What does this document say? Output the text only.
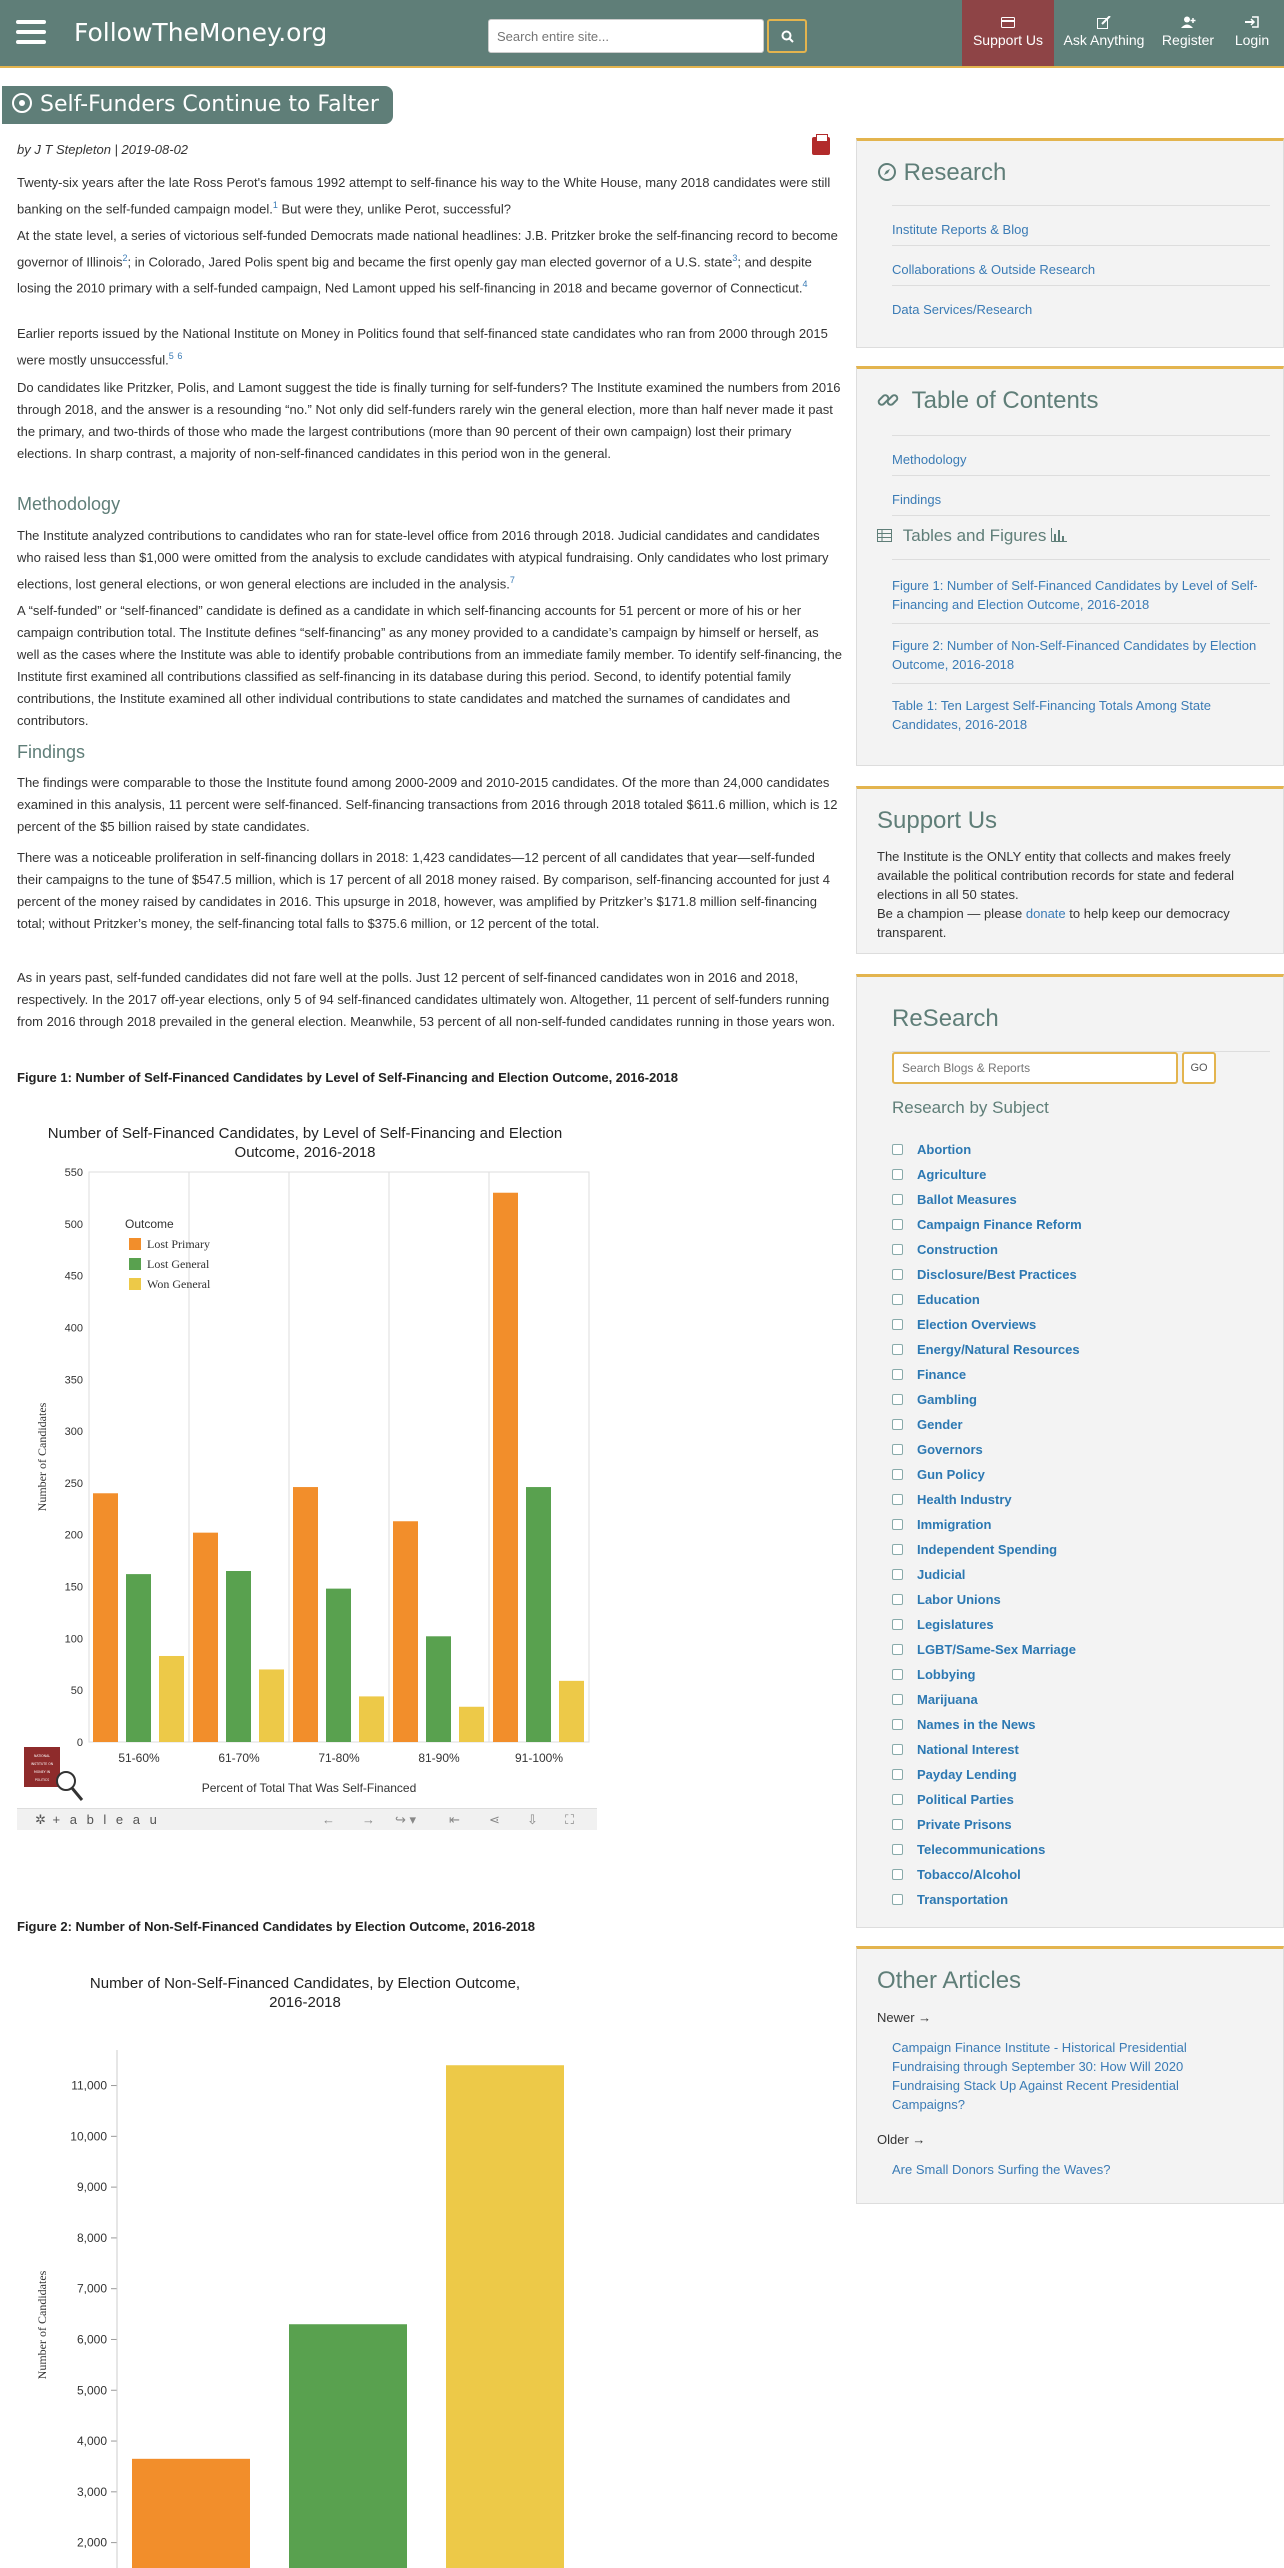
FollowTheMoney.org
Search entire site...	Support Us	Ask Anything	Register	Login
Self-Funders Continue to Falter
by J T Stepleton | 2019-08-02
Twenty-six years after the late Ross Perot's famous 1992 attempt to self-finance his way to the White House, many 2018 candidates were still banking on the self-funded campaign model.$^1$ But were they, unlike Perot, successful?
At the state level, a series of victorious self-funded Democrats made national headlines: J.B. Pritzker broke the self-financing record to become governor of Illinois$^2$; in Colorado, Jared Polis spent big and became the first openly gay man elected governor of a U.S. state$^3$; and despite losing the 2010 primary with a self-funded campaign, Ned Lamont upped his self-financing in 2018 and became governor of Connecticut.$^4$
Earlier reports issued by the National Institute on Money in Politics found that self-financed state candidates who ran from 2000 through 2015 were mostly unsuccessful.$^5$ $^6$
Do candidates like Pritzker, Polis, and Lamont suggest the tide is finally turning for self-funders? The Institute examined the numbers from 2016 through 2018, and the answer is a resounding “no.” Not only did self-funders rarely win the general election, more than half never made it past the primary, and two-thirds of those who made the largest contributions (more than 90 percent of their own campaign) lost their primary elections. In sharp contrast, a majority of non-self-financed candidates in this period won in the general.
Methodology
The Institute analyzed contributions to candidates who ran for state-level office from 2016 through 2018. Judicial candidates and candidates who raised less than $1,000 were omitted from the analysis to exclude candidates with atypical fundraising. Only candidates who lost primary elections, lost general elections, or won general elections are included in the analysis.$^7$
A “self-funded” or “self-financed” candidate is defined as a candidate in which self-financing accounts for 51 percent or more of his or her campaign contribution total. The Institute defines “self-financing” as any money provided to a candidate’s campaign by himself or herself, as well as the cases where the Institute was able to identify probable contributions from an immediate family member. To identify self-financing, the Institute first examined all contributions classified as self-financing in its database during this period. Second, to identify potential family contributions, the Institute examined all other individual contributions to state candidates and matched the surnames of candidates and contributors.
Findings
The findings were comparable to those the Institute found among 2000-2009 and 2010-2015 candidates. Of the more than 24,000 candidates examined in this analysis, 11 percent were self-financed. Self-financing transactions from 2016 through 2018 totaled $611.6 million, which is 12 percent of the $5 billion raised by state candidates.
There was a noticeable proliferation in self-financing dollars in 2018: 1,423 candidates—12 percent of all candidates that year—self-funded their campaigns to the tune of $547.5 million, which is 17 percent of all 2018 money raised. By comparison, self-financing accounted for just 4 percent of the money raised by candidates in 2016. This upsurge in 2018, however, was amplified by Pritzker’s $171.8 million self-financing total; without Pritzker’s money, the self-financing total falls to $375.6 million, or 12 percent of the total.
As in years past, self-funded candidates did not fare well at the polls. Just 12 percent of self-financed candidates won in 2016 and 2018, respectively. In the 2017 off-year elections, only 5 of 94 self-financed candidates ultimately won. Altogether, 11 percent of self-funders running from 2016 through 2018 prevailed in the general election. Meanwhile, 53 percent of all non-self-funded candidates running in those years won.
Figure 1: Number of Self-Financed Candidates by Level of Self-Financing and Election Outcome, 2016-2018
Number of Self-Financed Candidates, by Level of Self-Financing and Election Outcome, 2016-2018
51-60%	61-70%	71-80%	81-90%	91-100%
0
50
100
150
200
250
300
350
400
450
500
550
Number of Candidates
Percent of Total That Was Self-Financed
Outcome
Lost Primary
Lost General
Won General
NATIONAL
INSTITUTE ON
MONEY IN
POLITICS
✲ + a b l e a u	← → ↪ ▾	⇤ ⋖ ⇩ ⛶
Figure 2: Number of Non-Self-Financed Candidates by Election Outcome, 2016-2018
Number of Non-Self-Financed Candidates, by Election Outcome, 2016-2018
2,000
3,000
4,000
5,000
6,000
7,000
8,000
9,000
10,000
11,000
Number of Candidates
Research
Institute Reports & Blog
Collaborations & Outside Research
Data Services/Research
Table of Contents
Methodology
Findings
Tables and Figures
Figure 1: Number of Self-Financed Candidates by Level of Self-Financing and Election Outcome, 2016-2018
Figure 2: Number of Non-Self-Financed Candidates by Election Outcome, 2016-2018
Table 1: Ten Largest Self-Financing Totals Among State Candidates, 2016-2018
Support Us
The Institute is the ONLY entity that collects and makes freely available the political contribution records for state and federal elections in all 50 states.
Be a champion — please donate to help keep our democracy transparent.
ReSearch
Search Blogs & Reports
GO
Research by Subject
Abortion
Agriculture
Ballot Measures
Campaign Finance Reform
Construction
Disclosure/Best Practices
Education
Election Overviews
Energy/Natural Resources
Finance
Gambling
Gender
Governors
Gun Policy
Health Industry
Immigration
Independent Spending
Judicial
Labor Unions
Legislatures
LGBT/Same-Sex Marriage
Lobbying
Marijuana
Names in the News
National Interest
Payday Lending
Political Parties
Private Prisons
Telecommunications
Tobacco/Alcohol
Transportation
Other Articles
Newer →
Campaign Finance Institute - Historical Presidential Fundraising through September 30: How Will 2020 Fundraising Stack Up Against Recent Presidential Campaigns?
Older →
Are Small Donors Surfing the Waves?
